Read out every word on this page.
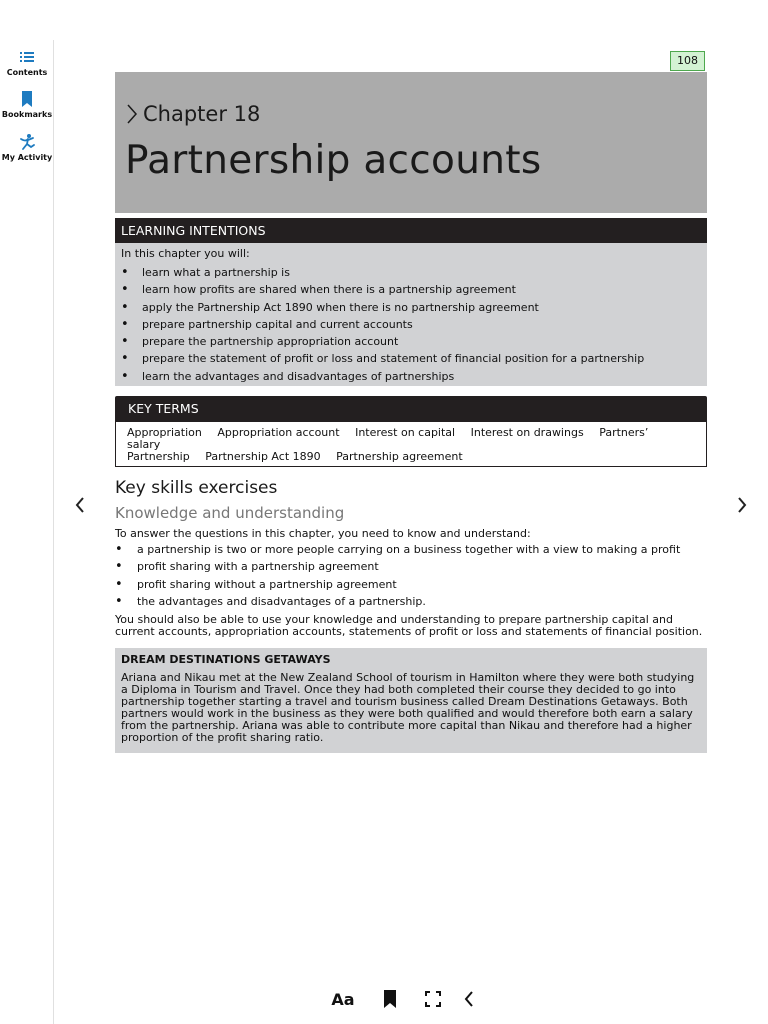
Contents
Bookmarks
My Activity
108
Chapter 18
Partnership accounts
LEARNING INTENTIONS
In this chapter you will:
• learn what a partnership is
• learn how profits are shared when there is a partnership agreement
• apply the Partnership Act 1890 when there is no partnership agreement
• prepare partnership capital and current accounts
• prepare the partnership appropriation account
• prepare the statement of profit or loss and statement of financial position for a partnership
• learn the advantages and disadvantages of partnerships
KEY TERMS
Appropriation Appropriation account Interest on capital Interest on drawings Partners’ salary
Partnership Partnership Act 1890 Partnership agreement
Key skills exercises
Knowledge and understanding
To answer the questions in this chapter, you need to know and understand:
• a partnership is two or more people carrying on a business together with a view to making a profit
• profit sharing with a partnership agreement
• profit sharing without a partnership agreement
• the advantages and disadvantages of a partnership.
You should also be able to use your knowledge and understanding to prepare partnership capital and current accounts, appropriation accounts, statements of profit or loss and statements of financial position.
DREAM DESTINATIONS GETAWAYS
Ariana and Nikau met at the New Zealand School of tourism in Hamilton where they were both studying a Diploma in Tourism and Travel. Once they had both completed their course they decided to go into partnership together starting a travel and tourism business called Dream Destinations Getaways. Both partners would work in the business as they were both qualified and would therefore both earn a salary from the partnership. Ariana was able to contribute more capital than Nikau and therefore had a higher proportion of the profit sharing ratio.
Aa
